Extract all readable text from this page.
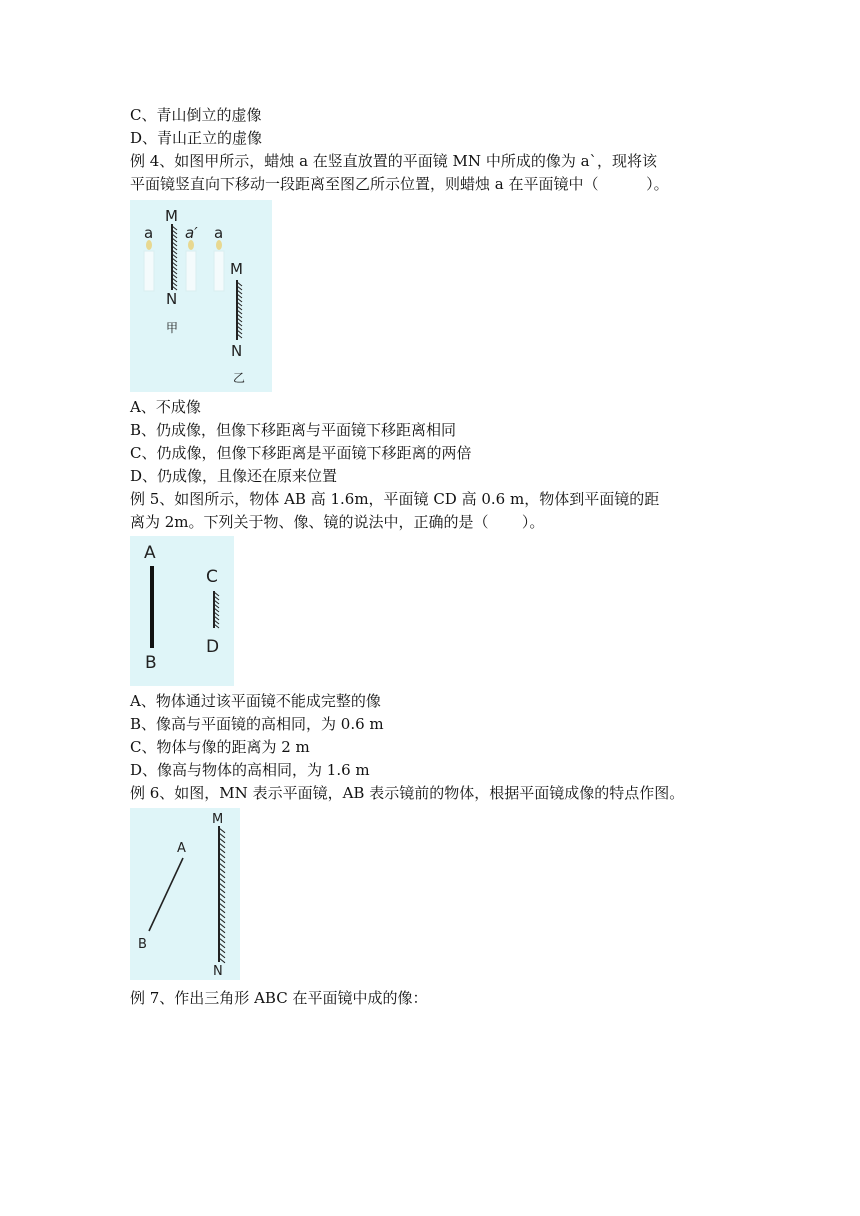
C、青山倒立的虚像
D、青山正立的虚像
例 4、如图甲所示，蜡烛 a 在竖直放置的平面镜 MN 中所成的像为 a`，现将该
平面镜竖直向下移动一段距离至图乙所示位置，则蜡烛 a 在平面镜中（          ）。
a
M
N
甲
a′ a
M
N
乙
A、不成像
B、仍成像，但像下移距离与平面镜下移距离相同
C、仍成像，但像下移距离是平面镜下移距离的两倍
D、仍成像，且像还在原来位置
例 5、如图所示，物体 AB 高 1.6m，平面镜 CD 高 0.6 m，物体到平面镜的距
离为 2m。下列关于物、像、镜的说法中，正确的是（       ）。
A
B
C
D
A、物体通过该平面镜不能成完整的像
B、像高与平面镜的高相同，为 0.6 m
C、物体与像的距离为 2 m
D、像高与物体的高相同，为 1.6 m
例 6、如图，MN 表示平面镜，AB 表示镜前的物体，根据平面镜成像的特点作图。
A
B
M
N
例 7、作出三角形 ABC 在平面镜中成的像：
